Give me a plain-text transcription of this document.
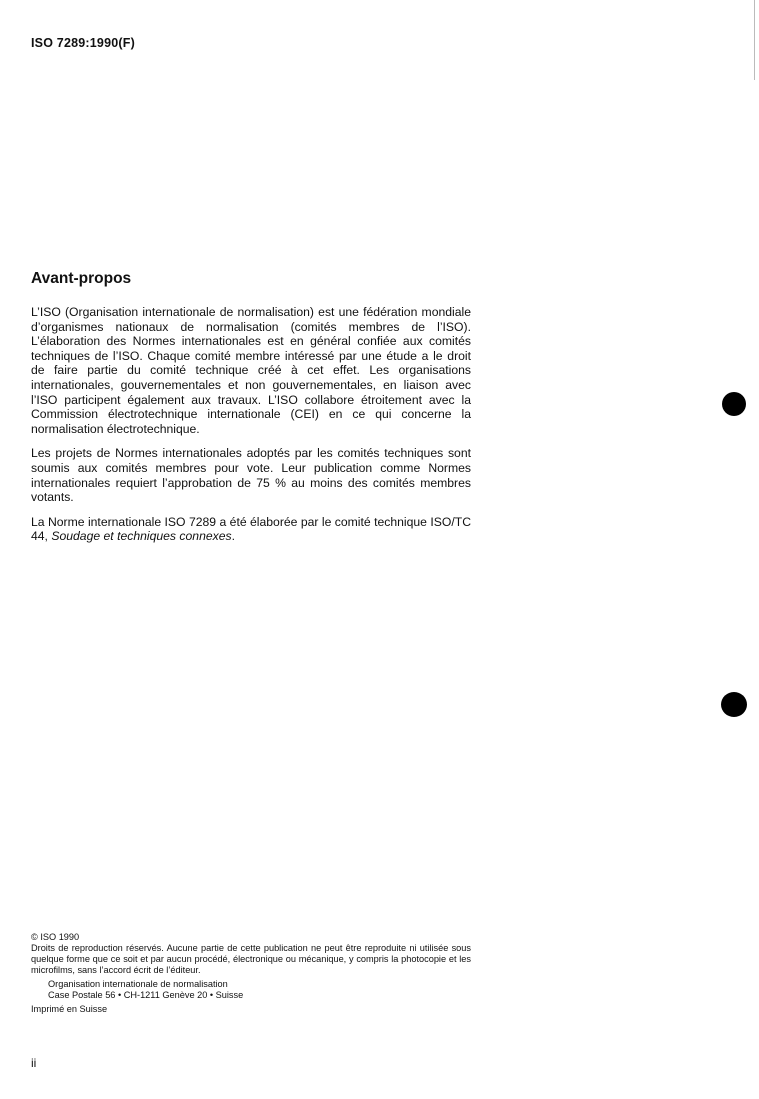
ISO 7289:1990(F)
Avant-propos

L’ISO (Organisation internationale de normalisation) est une fédération mondiale d’organismes nationaux de normalisation (comités membres de l’ISO). L’élaboration des Normes internationales est en général confiée aux comités techniques de l’ISO. Chaque comité membre intéressé par une étude a le droit de faire partie du comité technique créé à cet effet. Les organisations internationales, gouvernementales et non gouvernementales, en liaison avec l’ISO participent également aux travaux. L’ISO collabore étroitement avec la Commission électrotechnique internationale (CEI) en ce qui concerne la normalisation électrotechnique.

Les projets de Normes internationales adoptés par les comités techniques sont soumis aux comités membres pour vote. Leur publication comme Normes internationales requiert l’approbation de 75 % au moins des comités membres votants.

La Norme internationale ISO 7289 a été élaborée par le comité technique ISO/TC 44, Soudage et techniques connexes.

© ISO 1990

Droits de reproduction réservés. Aucune partie de cette publication ne peut être reproduite ni utilisée sous quelque forme que ce soit et par aucun procédé, électronique ou mécanique, y compris la photocopie et les microfilms, sans l’accord écrit de l’éditeur.

Organisation internationale de normalisation

Case Postale 56 • CH-1211 Genève 20 • Suisse

Imprimé en Suisse

ii
